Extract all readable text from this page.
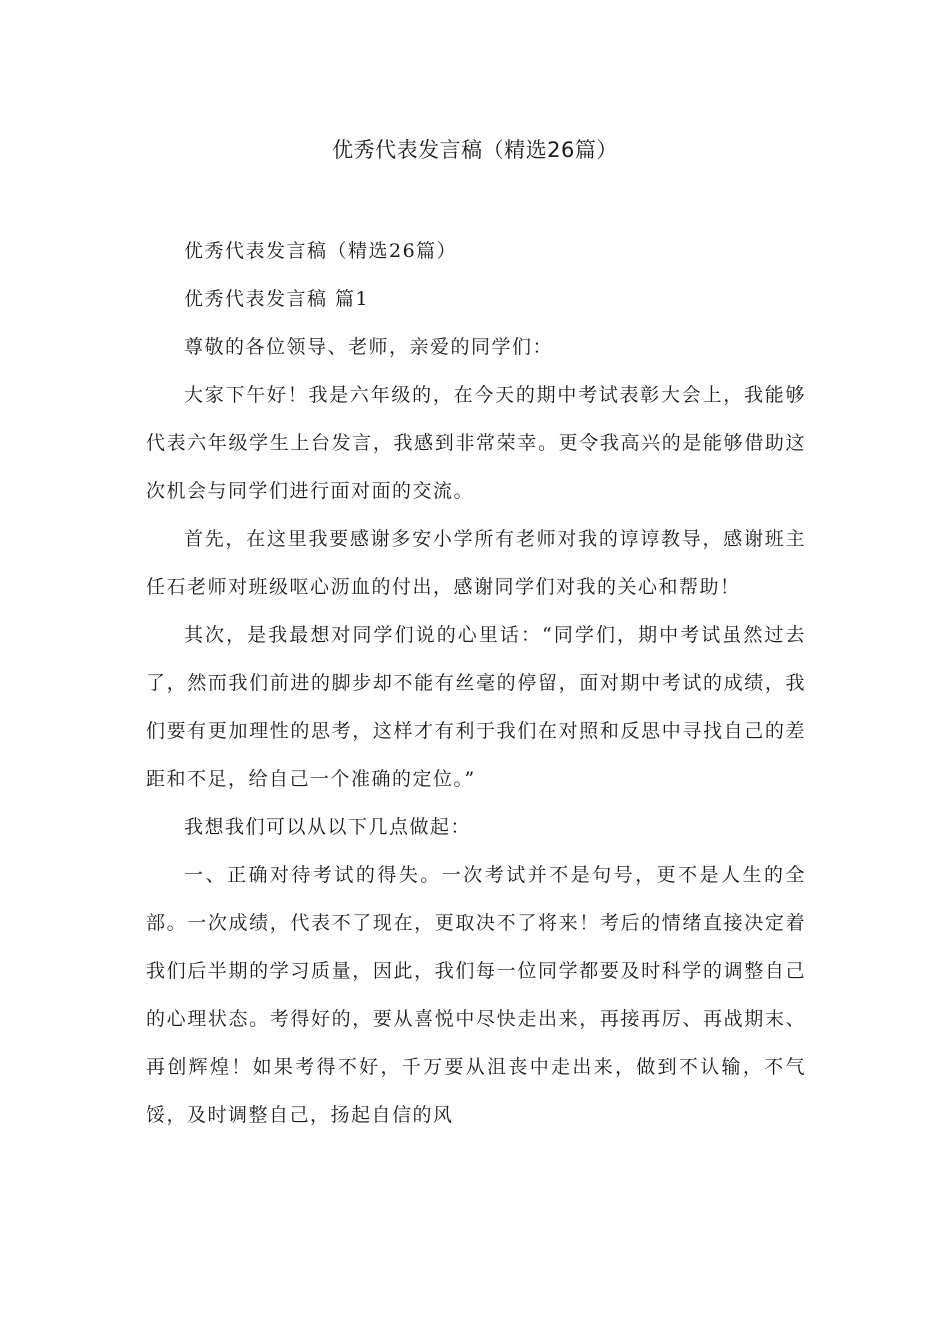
优秀代表发言稿（精选26篇）

优秀代表发言稿（精选26篇）

优秀代表发言稿 篇1

尊敬的各位领导、老师，亲爱的同学们：

大家下午好！我是六年级的，在今天的期中考试表彰大会上，我能够代表六年级学生上台发言，我感到非常荣幸。更令我高兴的是能够借助这次机会与同学们进行面对面的交流。

首先，在这里我要感谢多安小学所有老师对我的谆谆教导，感谢班主任石老师对班级呕心沥血的付出，感谢同学们对我的关心和帮助！

其次，是我最想对同学们说的心里话：“同学们，期中考试虽然过去了，然而我们前进的脚步却不能有丝毫的停留，面对期中考试的成绩，我们要有更加理性的思考，这样才有利于我们在对照和反思中寻找自己的差距和不足，给自己一个准确的定位。”

我想我们可以从以下几点做起：

一、正确对待考试的得失。一次考试并不是句号，更不是人生的全部。一次成绩，代表不了现在，更取决不了将来！考后的情绪直接决定着我们后半期的学习质量，因此，我们每一位同学都要及时科学的调整自己的心理状态。考得好的，要从喜悦中尽快走出来，再接再厉、再战期末、再创辉煌！如果考得不好，千万要从沮丧中走出来，做到不认输，不气馁，及时调整自己，扬起自信的风
